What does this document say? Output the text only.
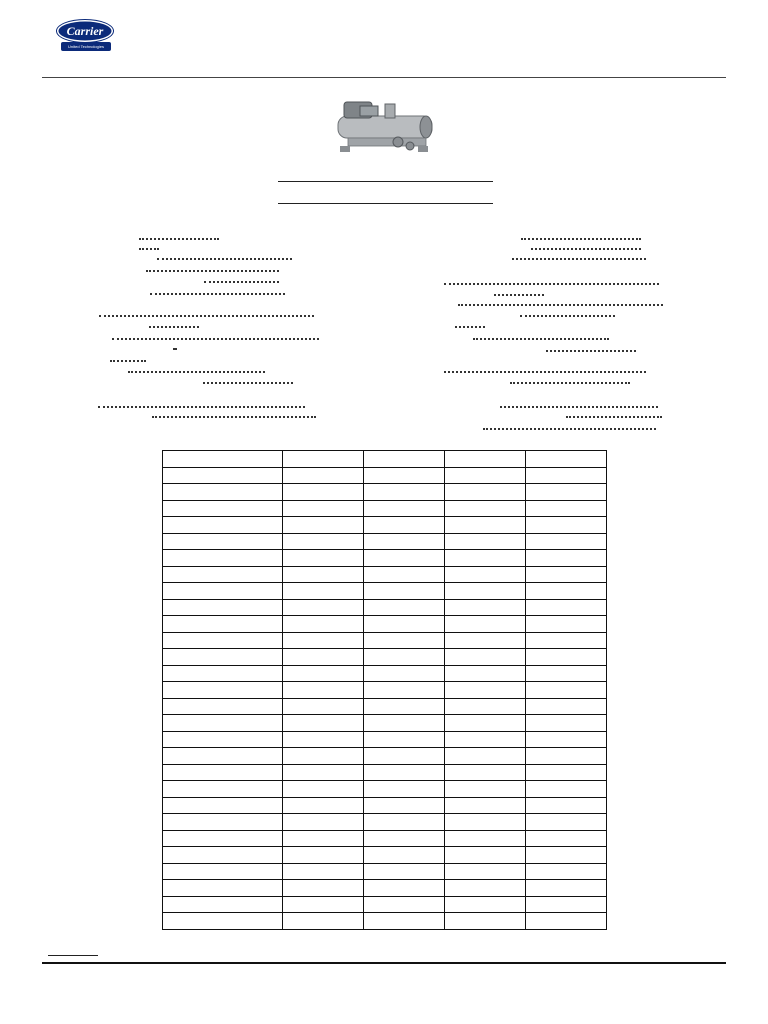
Carrier
United Technologies
